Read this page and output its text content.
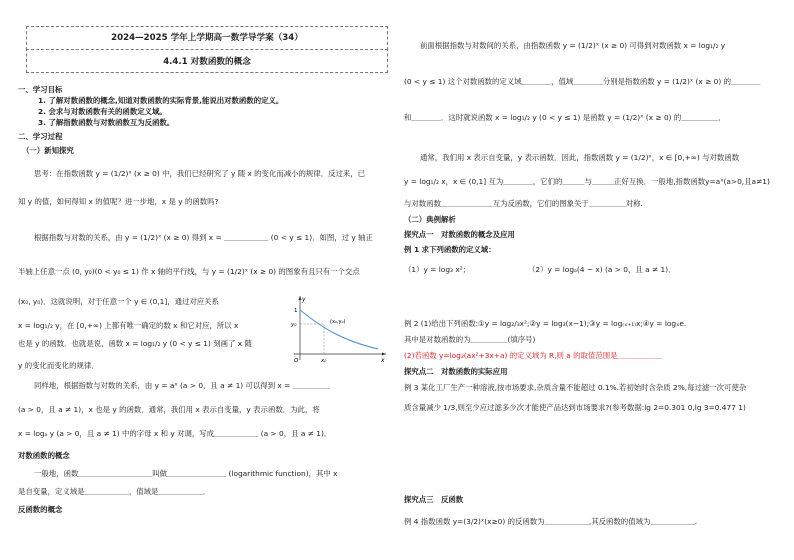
2024—2025 学年上学期高一数学导学案（34）
4.4.1 对数函数的概念
一、学习目标
1. 了解对数函数的概念,知道对数函数的实际背景,能说出对数函数的定义。
2. 会求与对数函数有关的函数定义域。
3. 了解指数函数与对数函数互为反函数。
二、学习过程
（一）新知探究
思考：在指数函数 y = (1/2)ˣ (x ≥ 0) 中，我们已经研究了 y 随 x 的变化而减小的规律．反过来，已
知 y 的值，如何得知 x 的值呢？进一步地，x 是 y 的函数吗?
根据指数与对数的关系，由 y = (1/2)ˣ (x ≥ 0) 得到 x = ＿＿＿＿＿＿ (0 < y ≤ 1)．如图，过 y 轴正
半轴上任意一点 (0, y₀)(0 < y₀ ≤ 1) 作 x 轴的平行线，与 y = (1/2)ˣ (x ≥ 0) 的图象有且只有一个交点
(x₀, y₀)．这就说明，对于任意一个 y ∈ (0,1]，通过对应关系
x = log₁/₂ y，在 [0,+∞) 上都有唯一确定的数 x 和它对应，所以 x
也是 y 的函数．也就是说，函数 x = log₁/₂ y (0 < y ≤ 1) 刻画了 x 随
y 的变化而变化的规律．
y
x
1
y₀	(x₀,y₀)
O	x₀
同样地，根据指数与对数的关系，由 y = aˣ (a > 0，且 a ≠ 1) 可以得到 x = ＿＿＿＿＿
(a > 0，且 a ≠ 1)，x 也是 y 的函数．通常，我们用 x 表示自变量，y 表示函数．为此，将
x = logₐ y (a > 0，且 a ≠ 1) 中的字母 x 和 y 对调，写成＿＿＿＿＿＿ (a > 0，且 a ≠ 1)．
对数函数的概念
一般地，函数＿＿＿＿＿＿＿＿＿＿叫做＿＿＿＿＿＿＿＿ (logarithmic function)，其中 x
是自变量，定义域是＿＿＿＿＿＿，值域是＿＿＿＿＿＿．
反函数的概念
前面根据指数与对数间的关系，由指数函数 y = (1/2)ˣ (x ≥ 0) 可得到对数函数 x = log₁/₂ y
(0 < y ≤ 1) 这个对数函数的定义域＿＿＿＿，值域＿＿＿＿分别是指数函数 y = (1/2)ˣ (x ≥ 0) 的＿＿＿＿
和＿＿＿＿．这时就说函数 x = log₁/₂ y (0 < y ≤ 1) 是函数 y = (1/2)ˣ (x ≥ 0) 的＿＿＿＿＿．
通常，我们用 x 表示自变量，y 表示函数．因此，指数函数 y = (1/2)ˣ，x ∈ [0,+∞) 与对数函数
y = log₁/₂ x，x ∈ (0,1] 互为＿＿＿＿，它们的＿＿＿与＿＿＿正好互换．一般地,指数函数y=aˣ(a>0,且a≠1)
与对数函数＿＿＿＿＿＿＿互为反函数，它们的图象关于＿＿＿＿＿对称.
（二）典例解析
探究点一　对数函数的概念及应用
例 1 求下列函数的定义域：
（1）y = log₃ x²；	（2）y = logₐ(4 − x) (a > 0，且 a ≠ 1)．
例 2 (1)给出下列函数:①y = log₂/₃x²;②y = log₃(x−1);③y = log₍ₓ₊₁₎x;④y = logₓe.
其中是对数函数的为＿＿＿＿＿(填序号)
(2)若函数 y=log₂(ax²+3x+a) 的定义域为 R,则 a 的取值范围是＿＿＿＿＿＿
探究点二　对数函数的实际应用
例 3 某化工厂生产一种溶液,按市场要求,杂质含量不能超过 0.1%.若初始时含杂质 2%,每过滤一次可使杂
质含量减少 1/3,则至少应过滤多少次才能使产品达到市场要求?(参考数据:lg 2=0.301 0,lg 3=0.477 1)
探究点三　反函数
例 4 指数函数 y=(3/2)ˣ(x≥0) 的反函数为＿＿＿＿＿＿,其反函数的值域为＿＿＿＿＿＿.
